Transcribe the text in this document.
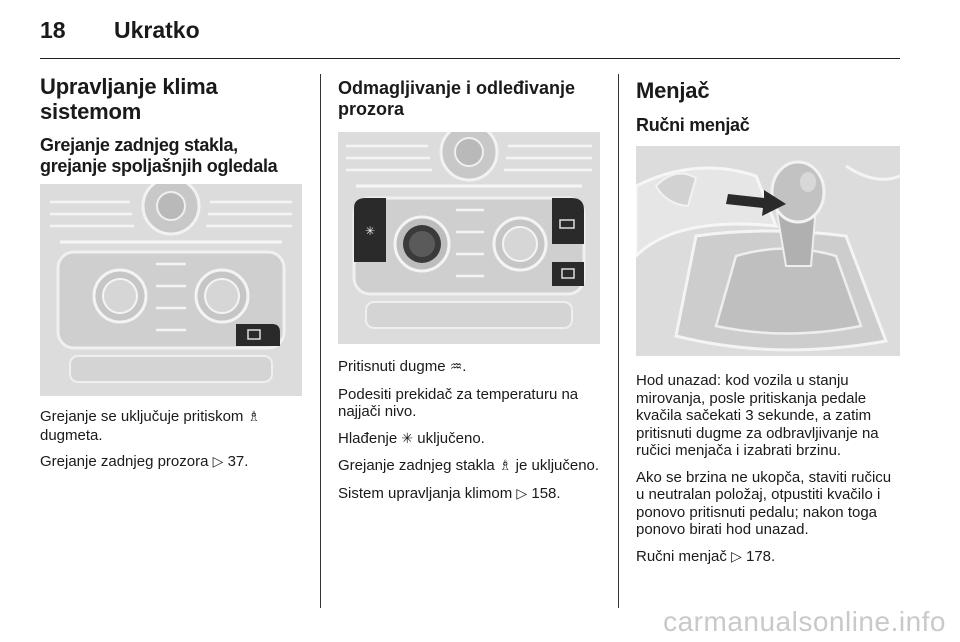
18 Ukratko
Upravljanje klima sistemom
Grejanje zadnjeg stakla, grejanje spoljašnjih ogledala

Grejanje se uključuje pritiskom ♗
dugmeta.

Grejanje zadnjeg prozora ▷ 37.

Odmagljivanje i odleđivanje prozora
✳

Pritisnuti dugme ♒.

Podesiti prekidač za temperaturu na najjači nivo.

Hlađenje ✳ uključeno.

Grejanje zadnjeg stakla ♗ je uključeno.

Sistem upravljanja klimom ▷ 158.

Menjač
Ručni menjač

Hod unazad: kod vozila u stanju mirovanja, posle pritiskanja pedale kvačila sačekati 3 sekunde, a zatim pritisnuti dugme za odbravljivanje na ručici menjača i izabrati brzinu.

Ako se brzina ne ukopča, staviti ručicu u neutralan položaj, otpustiti kvačilo i ponovo pritisnuti pedalu; nakon toga ponovo birati hod unazad.

Ručni menjač ▷ 178.

carmanualsonline.info
